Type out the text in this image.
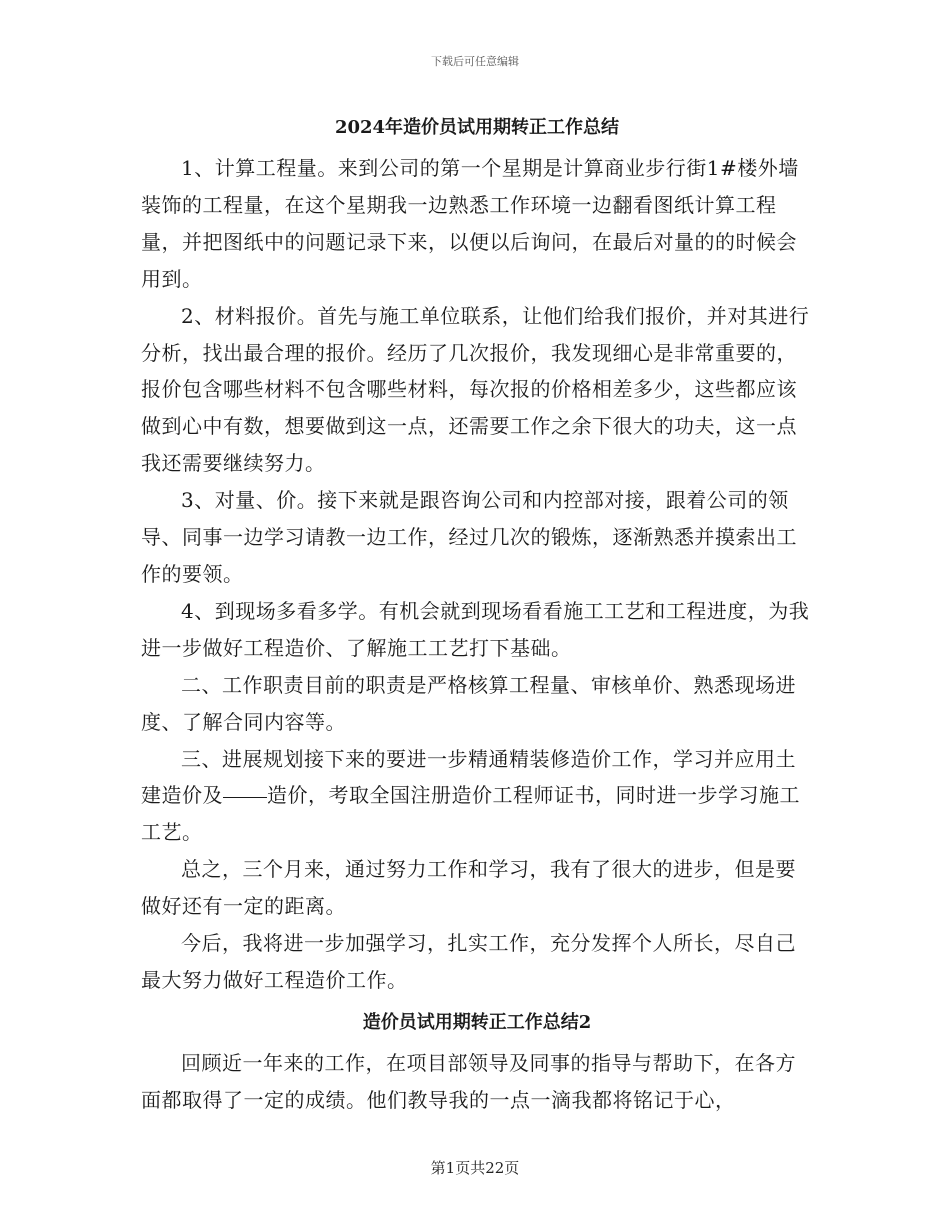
下载后可任意编辑
2024年造价员试用期转正工作总结

1、计算工程量。来到公司的第一个星期是计算商业步行街1#楼外墙装饰的工程量，在这个星期我一边熟悉工作环境一边翻看图纸计算工程量，并把图纸中的问题记录下来，以便以后询问，在最后对量的的时候会用到。

2、材料报价。首先与施工单位联系，让他们给我们报价，并对其进行分析，找出最合理的报价。经历了几次报价，我发现细心是非常重要的，报价包含哪些材料不包含哪些材料，每次报的价格相差多少，这些都应该做到心中有数，想要做到这一点，还需要工作之余下很大的功夫，这一点我还需要继续努力。

3、对量、价。接下来就是跟咨询公司和内控部对接，跟着公司的领导、同事一边学习请教一边工作，经过几次的锻炼，逐渐熟悉并摸索出工作的要领。

4、到现场多看多学。有机会就到现场看看施工工艺和工程进度，为我进一步做好工程造价、了解施工工艺打下基础。

二、工作职责目前的职责是严格核算工程量、审核单价、熟悉现场进度、了解合同内容等。

三、进展规划接下来的要进一步精通精装修造价工作，学习并应用土建造价及 造价，考取全国注册造价工程师证书，同时进一步学习施工工艺。

总之，三个月来，通过努力工作和学习，我有了很大的进步，但是要做好还有一定的距离。

今后，我将进一步加强学习，扎实工作，充分发挥个人所长，尽自己最大努力做好工程造价工作。

造价员试用期转正工作总结2

回顾近一年来的工作，在项目部领导及同事的指导与帮助下，在各方面都取得了一定的成绩。他们教导我的一点一滴我都将铭记于心，

第1页共22页
